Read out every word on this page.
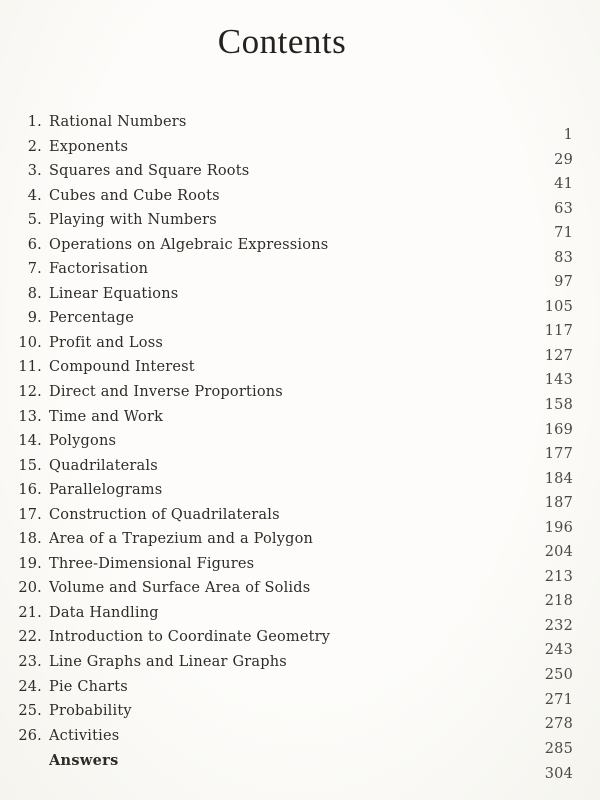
Contents
1. Rational Numbers
1
2. Exponents
29
3. Squares and Square Roots
41
4. Cubes and Cube Roots
63
5. Playing with Numbers
71
6. Operations on Algebraic Expressions
83
7. Factorisation
97
8. Linear Equations
105
9. Percentage
117
10. Profit and Loss
127
11. Compound Interest
143
12. Direct and Inverse Proportions
158
13. Time and Work
169
14. Polygons
177
15. Quadrilaterals
184
16. Parallelograms
187
17. Construction of Quadrilaterals
196
18. Area of a Trapezium and a Polygon
204
19. Three-Dimensional Figures
213
20. Volume and Surface Area of Solids
218
21. Data Handling
232
22. Introduction to Coordinate Geometry
243
23. Line Graphs and Linear Graphs
250
24. Pie Charts
271
25. Probability
278
26. Activities
285
Answers
304
